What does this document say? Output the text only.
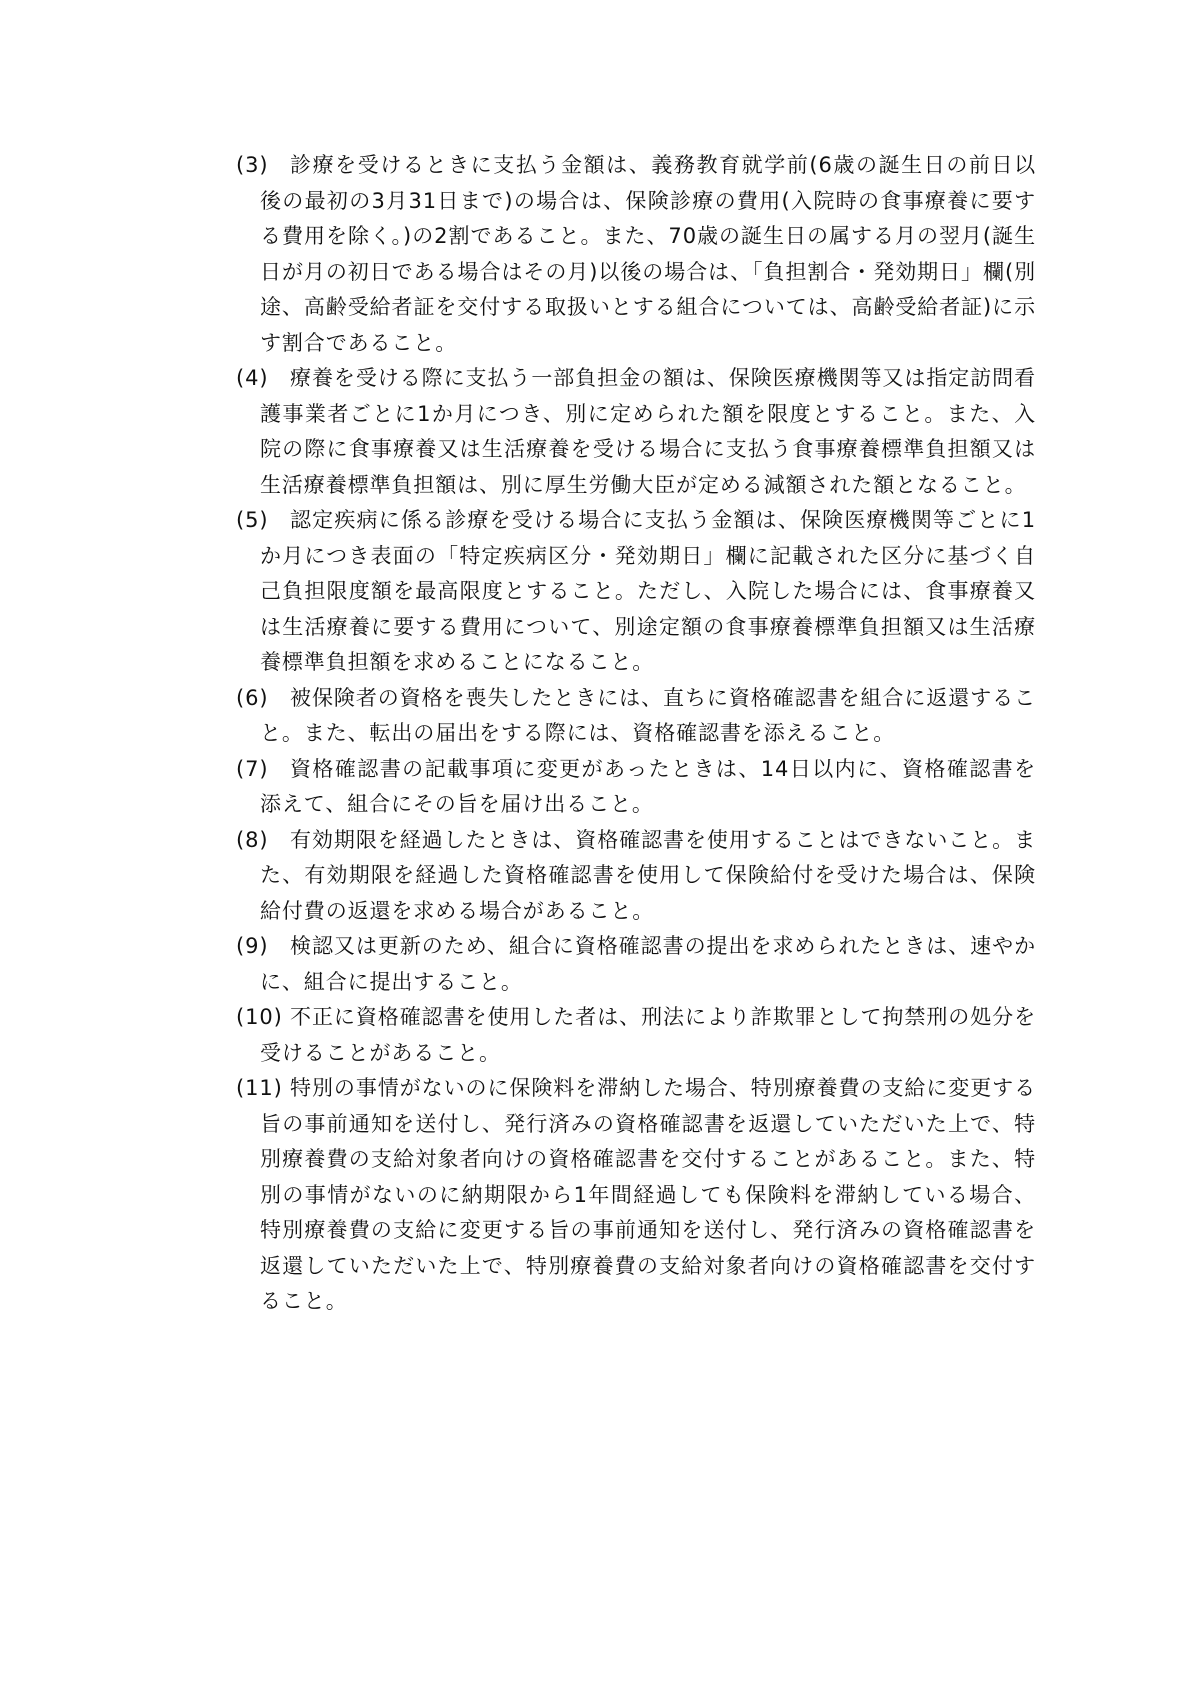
(3)	診療を受けるときに支払う金額は、義務教育就学前(6歳の誕生日の前日以後の最初の3月31日まで)の場合は、保険診療の費用(入院時の食事療養に要する費用を除く。)の2割であること。また、70歳の誕生日の属する月の翌月(誕生日が月の初日である場合はその月)以後の場合は、「負担割合・発効期日」欄(別途、高齢受給者証を交付する取扱いとする組合については、高齢受給者証)に示す割合であること。
(4)	療養を受ける際に支払う一部負担金の額は、保険医療機関等又は指定訪問看護事業者ごとに1か月につき、別に定められた額を限度とすること。また、入院の際に食事療養又は生活療養を受ける場合に支払う食事療養標準負担額又は生活療養標準負担額は、別に厚生労働大臣が定める減額された額となること。
(5)	認定疾病に係る診療を受ける場合に支払う金額は、保険医療機関等ごとに1か月につき表面の「特定疾病区分・発効期日」欄に記載された区分に基づく自己負担限度額を最高限度とすること。ただし、入院した場合には、食事療養又は生活療養に要する費用について、別途定額の食事療養標準負担額又は生活療養標準負担額を求めることになること。
(6)	被保険者の資格を喪失したときには、直ちに資格確認書を組合に返還すること。また、転出の届出をする際には、資格確認書を添えること。
(7)	資格確認書の記載事項に変更があったときは、14日以内に、資格確認書を添えて、組合にその旨を届け出ること。
(8)	有効期限を経過したときは、資格確認書を使用することはできないこと。また、有効期限を経過した資格確認書を使用して保険給付を受けた場合は、保険給付費の返還を求める場合があること。
(9)	検認又は更新のため、組合に資格確認書の提出を求められたときは、速やかに、組合に提出すること。
(10) 不正に資格確認書を使用した者は、刑法により詐欺罪として拘禁刑の処分を受けることがあること。
(11) 特別の事情がないのに保険料を滞納した場合、特別療養費の支給に変更する旨の事前通知を送付し、発行済みの資格確認書を返還していただいた上で、特別療養費の支給対象者向けの資格確認書を交付することがあること。また、特別の事情がないのに納期限から1年間経過しても保険料を滞納している場合、特別療養費の支給に変更する旨の事前通知を送付し、発行済みの資格確認書を返還していただいた上で、特別療養費の支給対象者向けの資格確認書を交付すること。
